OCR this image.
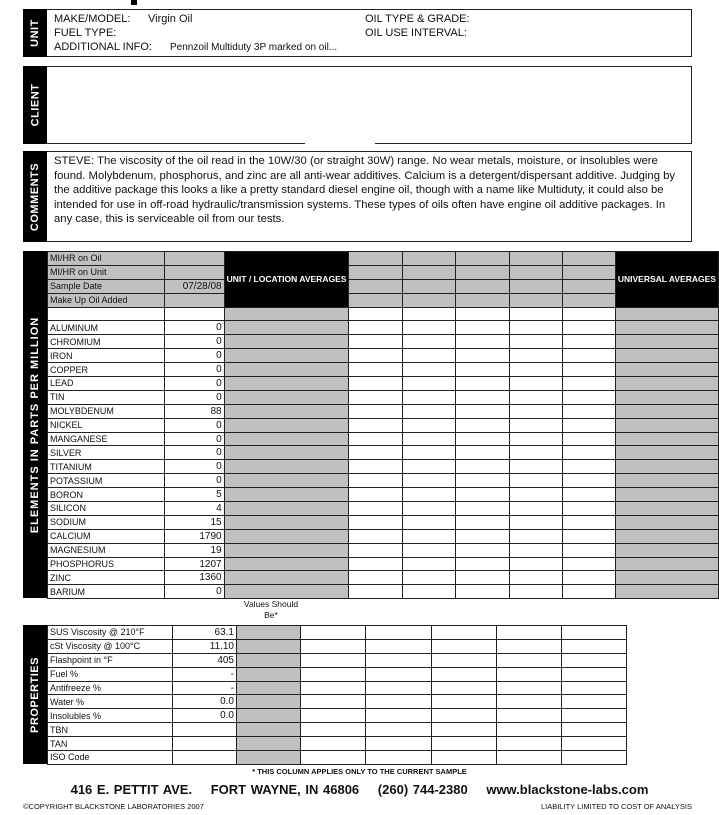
UNIT
MAKE/MODEL: Virgin Oil
FUEL TYPE:
ADDITIONAL INFO: Pennzoil Multiduty 3P marked on oil...
OIL TYPE & GRADE:
OIL USE INTERVAL:
CLIENT
COMMENTS
STEVE: The viscosity of the oil read in the 10W/30 (or straight 30W) range. No wear metals, moisture, or insolubles were found. Molybdenum, phosphorus, and zinc are all anti-wear additives. Calcium is a detergent/dispersant additive. Judging by the additive package this looks a like a pretty standard diesel engine oil, though with a name like Multiduty, it could also be intended for use in off-road hydraulic/transmission systems. These types of oils often have engine oil additive packages. In any case, this is serviceable oil from our tests.
ELEMENTS IN PARTS PER MILLION
MI/HR on Oil		UNIT / LOCATION AVERAGES						UNIVERSAL AVERAGES
MI/HR on Unit								
Sample Date	07/28/08							
Make Up Oil Added								

ALUMINUM	0							
CHROMIUM	0							
IRON	0							
COPPER	0							
LEAD	0							
TIN	0							
MOLYBDENUM	88							
NICKEL	0							
MANGANESE	0							
SILVER	0							
TITANIUM	0							
POTASSIUM	0							
BORON	5							
SILICON	4							
SODIUM	15							
CALCIUM	1790							
MAGNESIUM	19							
PHOSPHORUS	1207							
ZINC	1360							
BARIUM	0							
Values Should Be*
PROPERTIES
SUS Viscosity @ 210°F	63.1						
cSt Viscosity @ 100°C	11.10						
Flashpoint in °F	405						
Fuel %	-						
Antifreeze %	-						
Water %	0.0						
Insolubles %	0.0						
TBN							
TAN							
ISO Code							
* THIS COLUMN APPLIES ONLY TO THE CURRENT SAMPLE
416 E. PETTIT AVE. FORT WAYNE, IN 46806 (260) 744-2380 www.blackstone-labs.com
©COPYRIGHT BLACKSTONE LABORATORIES 2007	LIABILITY LIMITED TO COST OF ANALYSIS
